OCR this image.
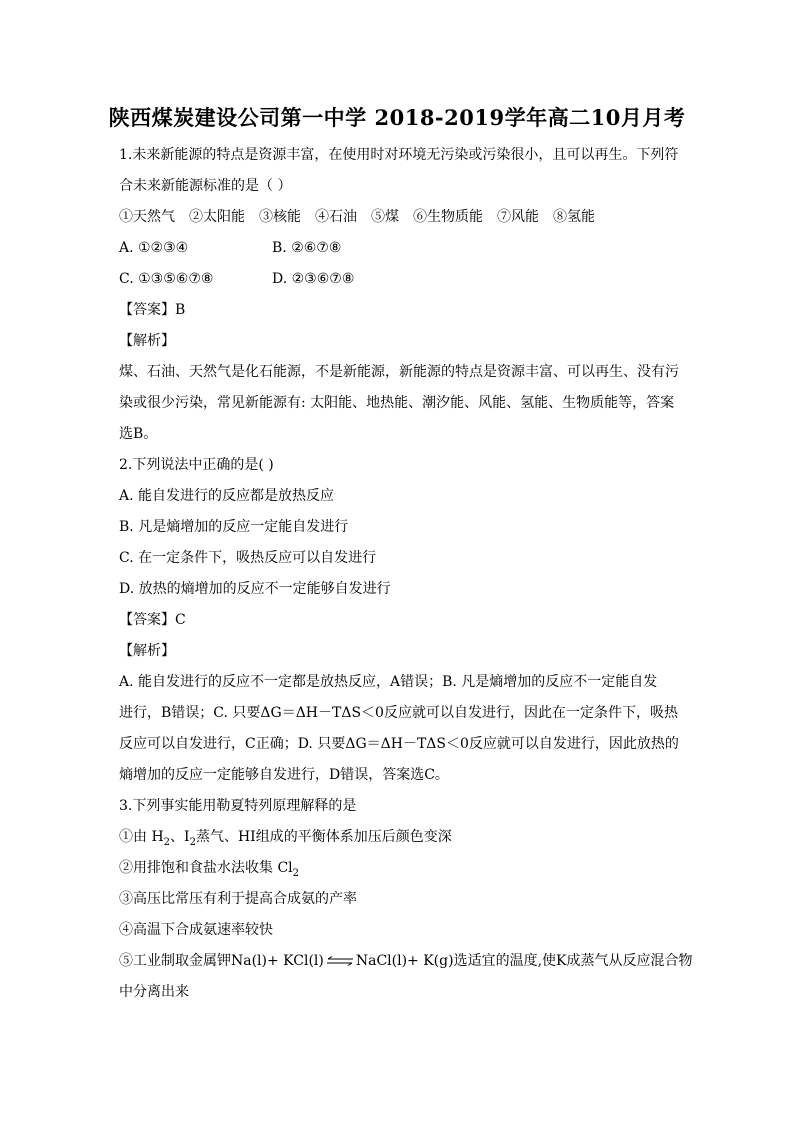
陕西煤炭建设公司第一中学 2018-2019学年高二10月月考
1.未来新能源的特点是资源丰富，在使用时对环境无污染或污染很小，且可以再生。下列符
合未来新能源标准的是（ ）
①天然气　②太阳能　③核能　④石油　⑤煤　⑥生物质能　⑦风能　⑧氢能
A. ①②③④	B. ②⑥⑦⑧
C. ①③⑤⑥⑦⑧	D. ②③⑥⑦⑧
【答案】B
【解析】
煤、石油、天然气是化石能源，不是新能源，新能源的特点是资源丰富、可以再生、没有污
染或很少污染，常见新能源有: 太阳能、地热能、潮汐能、风能、氢能、生物质能等，答案
选B。
2.下列说法中正确的是( )
A. 能自发进行的反应都是放热反应
B. 凡是熵增加的反应一定能自发进行
C. 在一定条件下，吸热反应可以自发进行
D. 放热的熵增加的反应不一定能够自发进行
【答案】C
【解析】
A. 能自发进行的反应不一定都是放热反应，A错误；B. 凡是熵增加的反应不一定能自发
进行，B错误；C. 只要ΔG＝ΔH－TΔS＜0反应就可以自发进行，因此在一定条件下，吸热
反应可以自发进行，C正确；D. 只要ΔG＝ΔH－TΔS＜0反应就可以自发进行，因此放热的
熵增加的反应一定能够自发进行，D错误，答案选C。
3.下列事实能用勒夏特列原理解释的是
①由 $H_2$、$I_2$蒸气、HI组成的平衡体系加压后颜色变深
②用排饱和食盐水法收集 $Cl_2$
③高压比常压有利于提高合成氨的产率
④高温下合成氨速率较快
⑤工业制取金属钾Na(l)+ KCl(l) ⇌ NaCl(l)+ K(g)选适宜的温度,使K成蒸气从反应混合物
中分离出来
